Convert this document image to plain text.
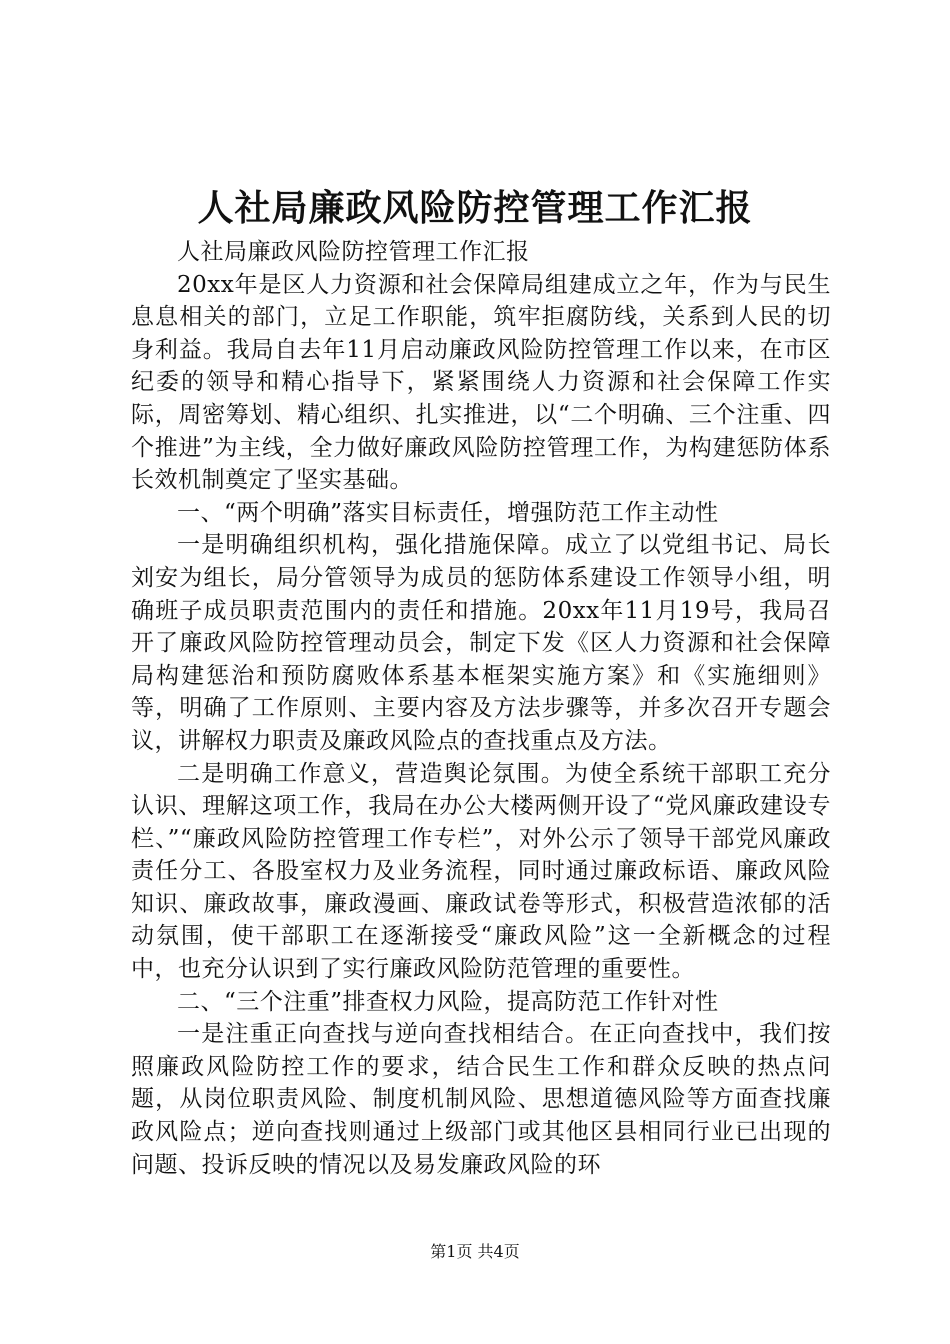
人社局廉政风险防控管理工作汇报

人社局廉政风险防控管理工作汇报

20xx年是区人力资源和社会保障局组建成立之年，作为与民生息息相关的部门，立足工作职能，筑牢拒腐防线，关系到人民的切身利益。我局自去年11月启动廉政风险防控管理工作以来，在市区纪委的领导和精心指导下，紧紧围绕人力资源和社会保障工作实际，周密筹划、精心组织、扎实推进，以“二个明确、三个注重、四个推进”为主线，全力做好廉政风险防控管理工作，为构建惩防体系长效机制奠定了坚实基础。

一、“两个明确”落实目标责任，增强防范工作主动性

一是明确组织机构，强化措施保障。成立了以党组书记、局长刘安为组长，局分管领导为成员的惩防体系建设工作领导小组，明确班子成员职责范围内的责任和措施。20xx年11月19号，我局召开了廉政风险防控管理动员会，制定下发《区人力资源和社会保障局构建惩治和预防腐败体系基本框架实施方案》和《实施细则》等，明确了工作原则、主要内容及方法步骤等，并多次召开专题会议，讲解权力职责及廉政风险点的查找重点及方法。

二是明确工作意义，营造舆论氛围。为使全系统干部职工充分认识、理解这项工作，我局在办公大楼两侧开设了“党风廉政建设专栏、”“廉政风险防控管理工作专栏”，对外公示了领导干部党风廉政责任分工、各股室权力及业务流程，同时通过廉政标语、廉政风险知识、廉政故事，廉政漫画、廉政试卷等形式，积极营造浓郁的活动氛围，使干部职工在逐渐接受“廉政风险”这一全新概念的过程中，也充分认识到了实行廉政风险防范管理的重要性。

二、“三个注重”排查权力风险，提高防范工作针对性

一是注重正向查找与逆向查找相结合。在正向查找中，我们按照廉政风险防控工作的要求，结合民生工作和群众反映的热点问题，从岗位职责风险、制度机制风险、思想道德风险等方面查找廉政风险点；逆向查找则通过上级部门或其他区县相同行业已出现的问题、投诉反映的情况以及易发廉政风险的环

第1页 共4页
